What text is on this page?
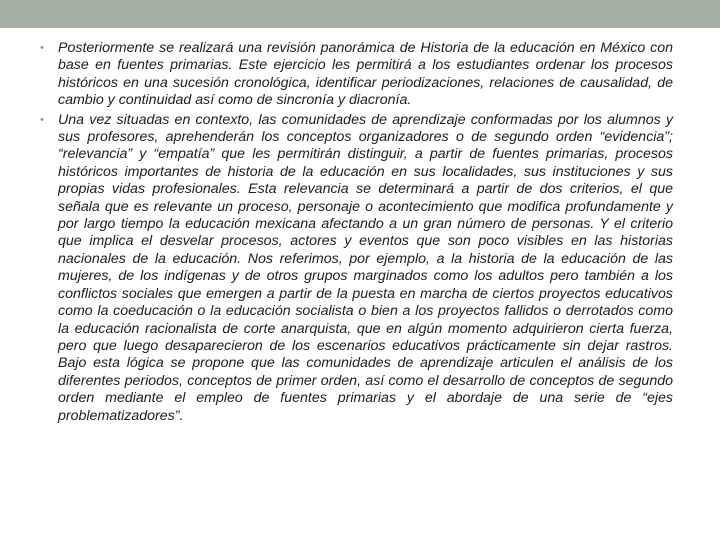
• Posteriormente se realizará una revisión panorámica de Historia de la educación en México con base en fuentes primarias. Este ejercicio les permitirá a los estudiantes ordenar los procesos históricos en una sucesión cronológica, identificar periodizaciones, relaciones de causalidad, de cambio y continuidad así como de sincronía y diacronía.
• Una vez situadas en contexto, las comunidades de aprendizaje conformadas por los alumnos y sus profesores, aprehenderán los conceptos organizadores o de segundo orden “evidencia”; “relevancia” y “empatía” que les permitirán distinguir, a partir de fuentes primarias, procesos históricos importantes de historia de la educación en sus localidades, sus instituciones y sus propias vidas profesionales. Esta relevancia se determinará a partir de dos criterios, el que señala que es relevante un proceso, personaje o acontecimiento que modifica profundamente y por largo tiempo la educación mexicana afectando a un gran número de personas. Y el criterio que implica el desvelar procesos, actores y eventos que son poco visibles en las historias nacionales de la educación. Nos referimos, por ejemplo, a la historia de la educación de las mujeres, de los indígenas y de otros grupos marginados como los adultos pero también a los conflictos sociales que emergen a partir de la puesta en marcha de ciertos proyectos educativos como la coeducación o la educación socialista o bien a los proyectos fallidos o derrotados como la educación racionalista de corte anarquista, que en algún momento adquirieron cierta fuerza, pero que luego desaparecieron de los escenarios educativos prácticamente sin dejar rastros. Bajo esta lógica se propone que las comunidades de aprendizaje articulen el análisis de los diferentes periodos, conceptos de primer orden, así como el desarrollo de conceptos de segundo orden mediante el empleo de fuentes primarias y el abordaje de una serie de “ejes problematizadores”.
